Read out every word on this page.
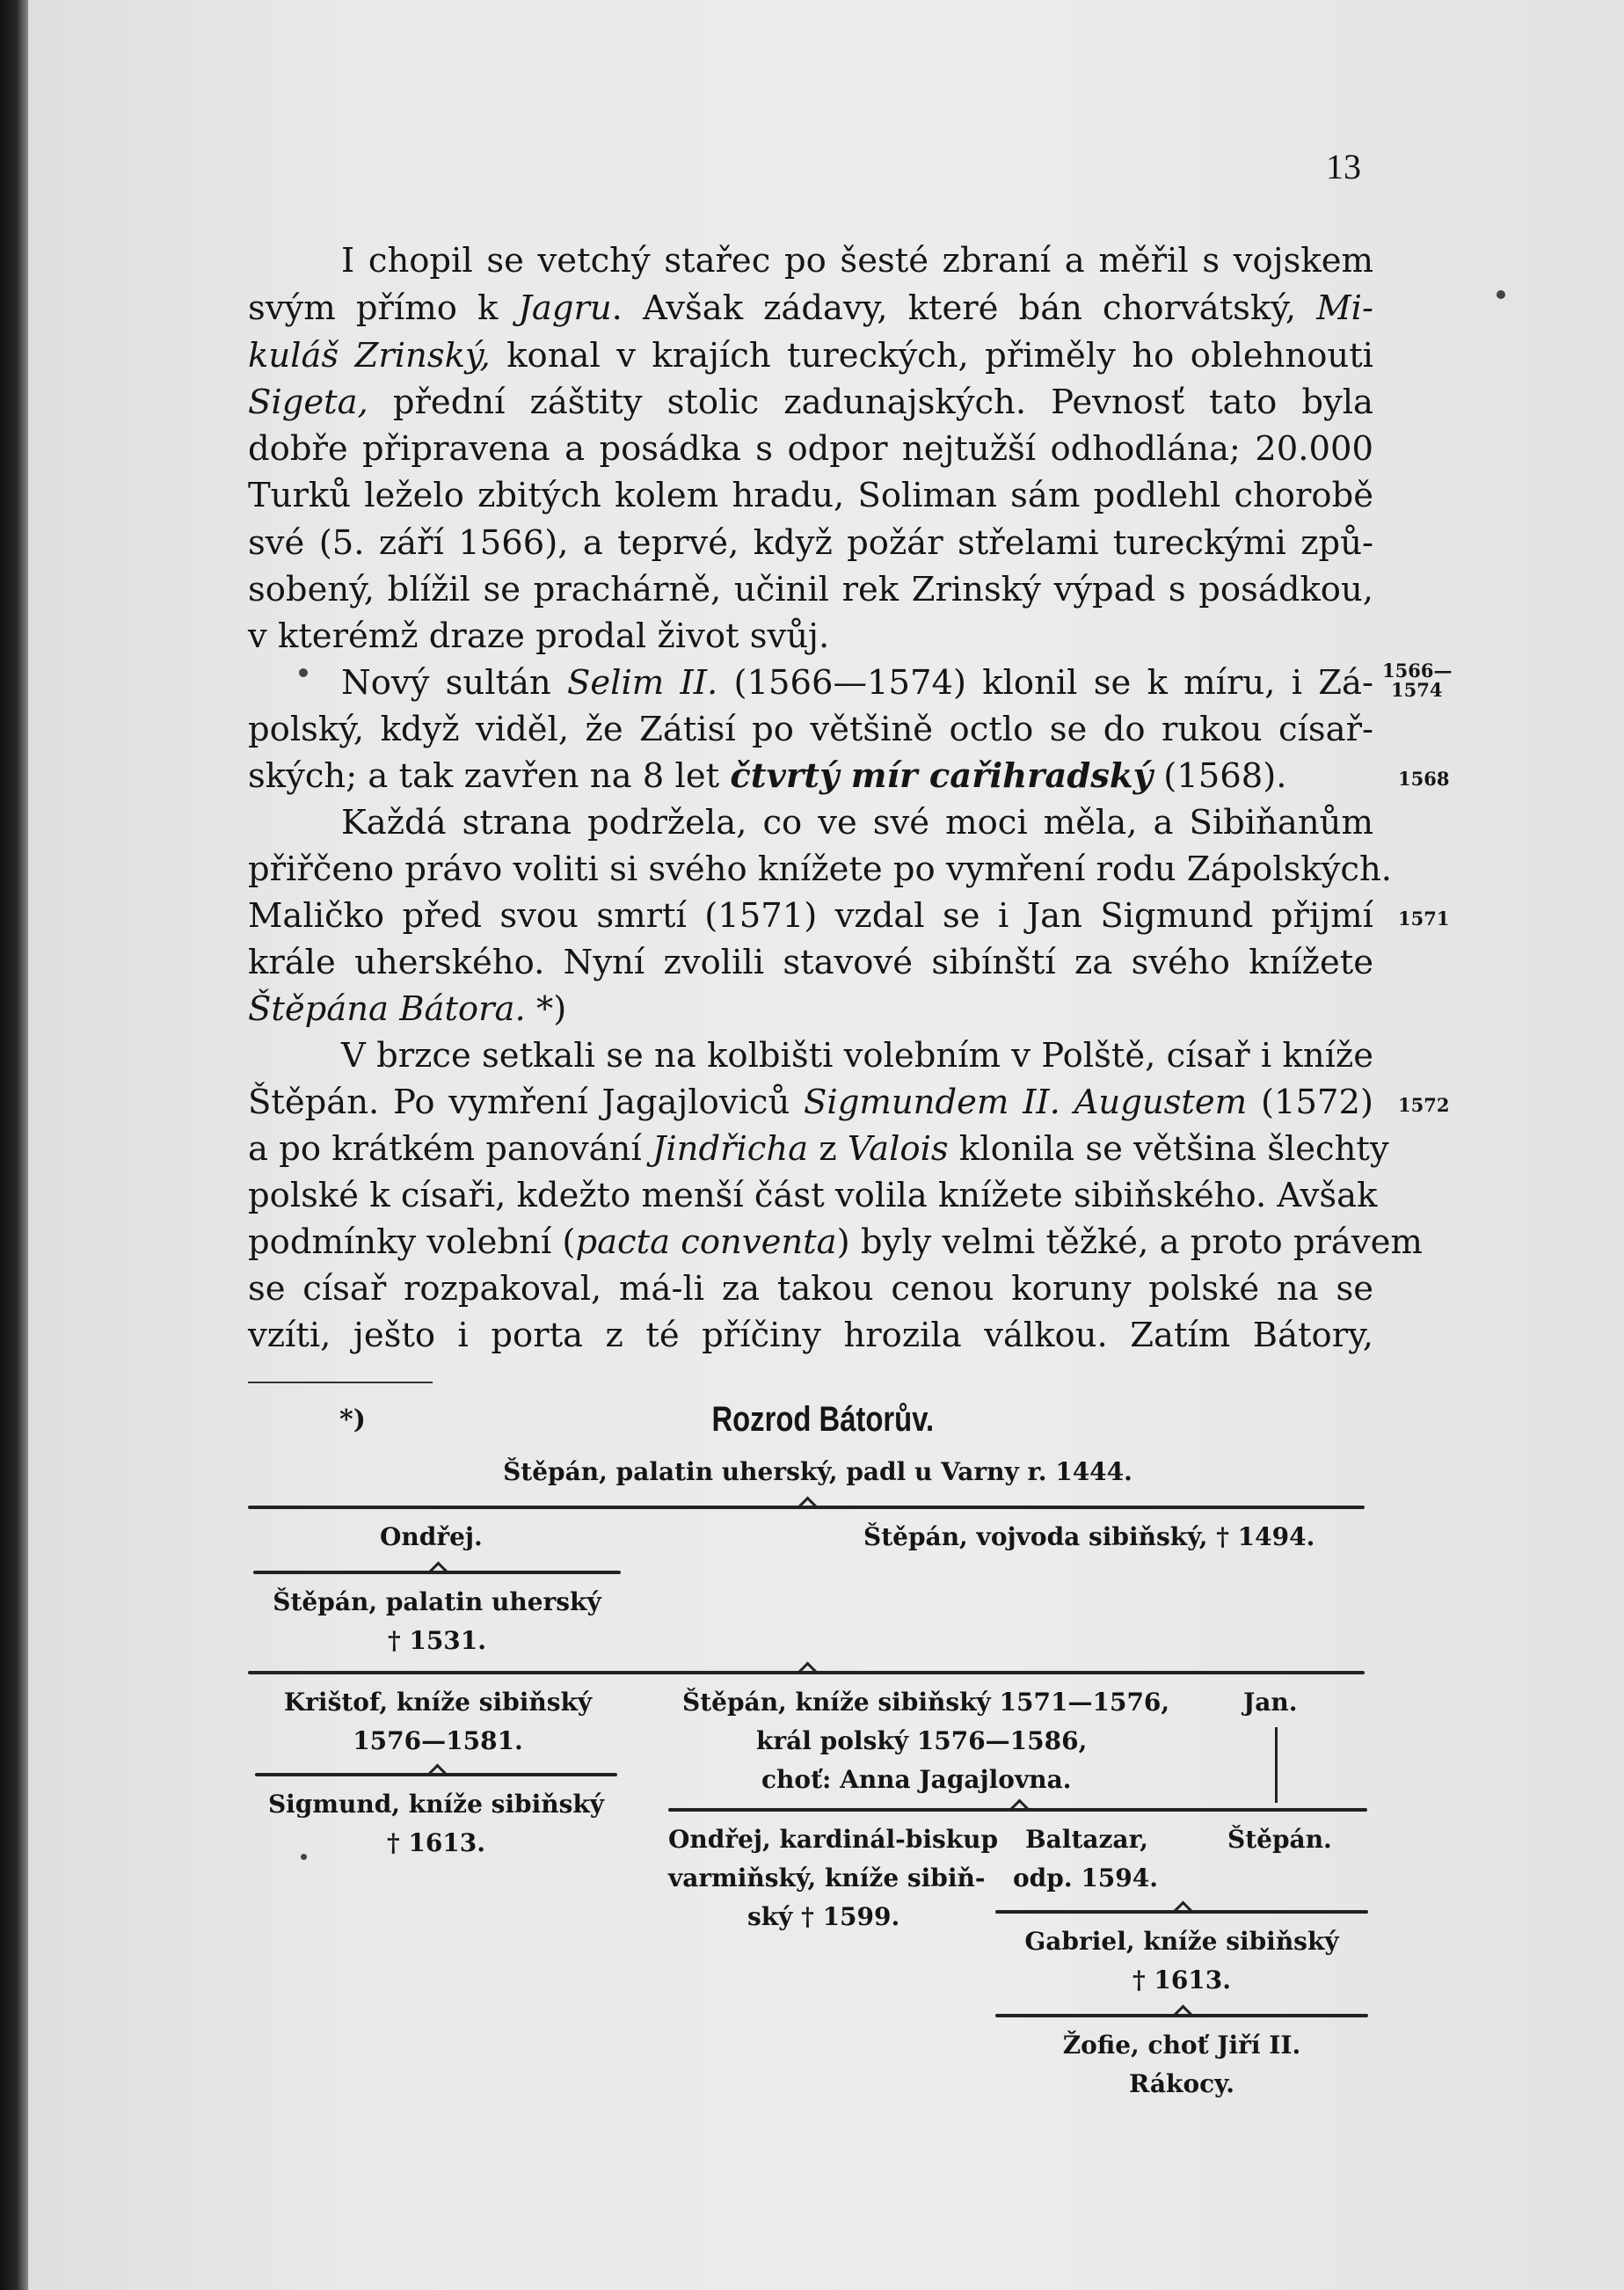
13
I chopil se vetchý stařec po šesté zbraní a měřil s vojskem
svým přímo k Jagru. Avšak zádavy, které bán chorvátský, Mi-
kuláš Zrinský, konal v krajích tureckých, přiměly ho oblehnouti
Sigeta, přední záštity stolic zadunajských. Pevnosť tato byla
dobře připravena a posádka s odpor nejtužší odhodlána; 20.000
Turků leželo zbitých kolem hradu, Soliman sám podlehl chorobě
své (5. září 1566), a teprvé, když požár střelami tureckými způ-
sobený, blížil se prachárně, učinil rek Zrinský výpad s posádkou,
v kterémž draze prodal život svůj.
Nový sultán Selim II. (1566—1574) klonil se k míru, i Zá-
polský, když viděl, že Zátisí po většině octlo se do rukou císař-
ských; a tak zavřen na 8 let čtvrtý mír cařihradský (1568).
Každá strana podržela, co ve své moci měla, a Sibiňanům
přiřčeno právo voliti si svého knížete po vymření rodu Zápolských.
Maličko před svou smrtí (1571) vzdal se i Jan Sigmund přijmí
krále uherského. Nyní zvolili stavové sibínští za svého knížete
Štěpána Bátora. *)
V brzce setkali se na kolbišti volebním v Polště, císař i kníže
Štěpán. Po vymření Jagajloviců Sigmundem II. Augustem (1572)
a po krátkém panování Jindřicha z Valois klonila se většina šlechty
polské k císaři, kdežto menší část volila knížete sibiňského. Avšak
podmínky volební (pacta conventa) byly velmi těžké, a proto právem
se císař rozpakoval, má-li za takou cenou koruny polské na se
vzíti, ješto i porta z té příčiny hrozila válkou. Zatím Bátory,
1566—
1574
1568
1571
1572
*)	Rozrod Bátorův.
Štěpán, palatin uherský, padl u Varny r. 1444.
Ondřej.	Štěpán, vojvoda sibiňský, † 1494.
Štěpán, palatin uherský
† 1531.
Krištof, kníže sibiňský
1576—1581.
Štěpán, kníže sibiňský 1571—1576,
král polský 1576—1586,
choť: Anna Jagajlovna.
Jan.
Sigmund, kníže sibiňský
† 1613.	Ondřej, kardinál-biskup
varmiňský, kníže sibiň-
ský † 1599.
Baltazar,
odp. 1594.
Štěpán.
Gabriel, kníže sibiňský
† 1613.
Žofie, choť Jiří II.
Rákocy.
